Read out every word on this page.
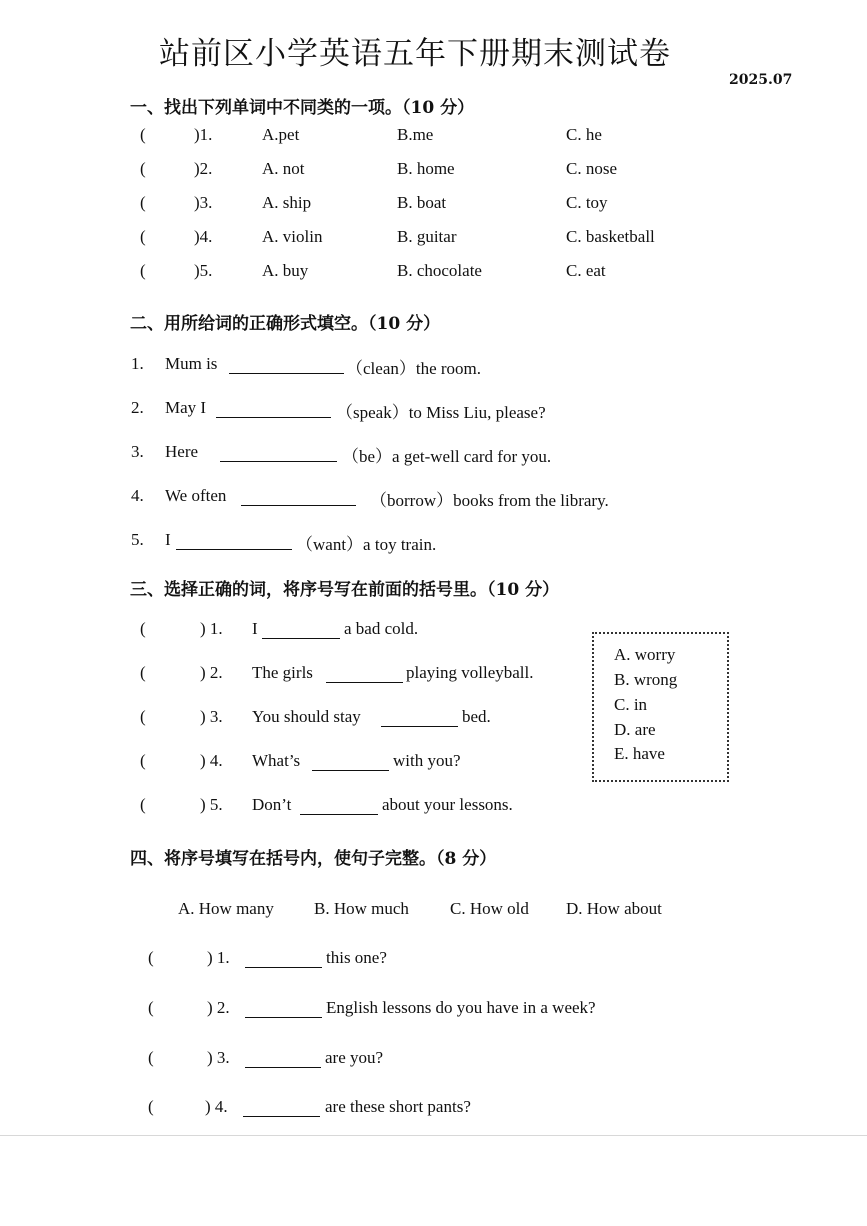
站前区小学英语五年下册期末测试卷
2025.07
一、找出下列单词中不同类的一项。（10 分）
(	)1.	A.pet	B.me	C. he
(	)2.	A. not	B. home	C. nose
(	)3.	A. ship	B. boat	C. toy
(	)4.	A. violin	B. guitar	C. basketball
(	)5.	A. buy	B. chocolate	C. eat
二、用所给词的正确形式填空。（10 分）
1. Mum is	（clean）the room.
2. May I	（speak）to Miss Liu, please?
3. Here	（be）a get-well card for you.
4. We often	（borrow）books from the library.
5. I	（want）a toy train.
三、选择正确的词，将序号写在前面的括号里。（10 分）
(	) 1. I	a bad cold.
(	) 2. The girls	playing volleyball.
(	) 3. You should stay	bed.
(	) 4. What’s	with you?
(	) 5. Don’t	about your lessons.
A. worry
B. wrong
C. in
D. are
E. have
四、将序号填写在括号内，使句子完整。（8 分）
A. How many B. How much C. How old D. How about
(	) 1.	this one?
(	) 2.	English lessons do you have in a week?
(	) 3.	are you?
(	) 4.	are these short pants?
